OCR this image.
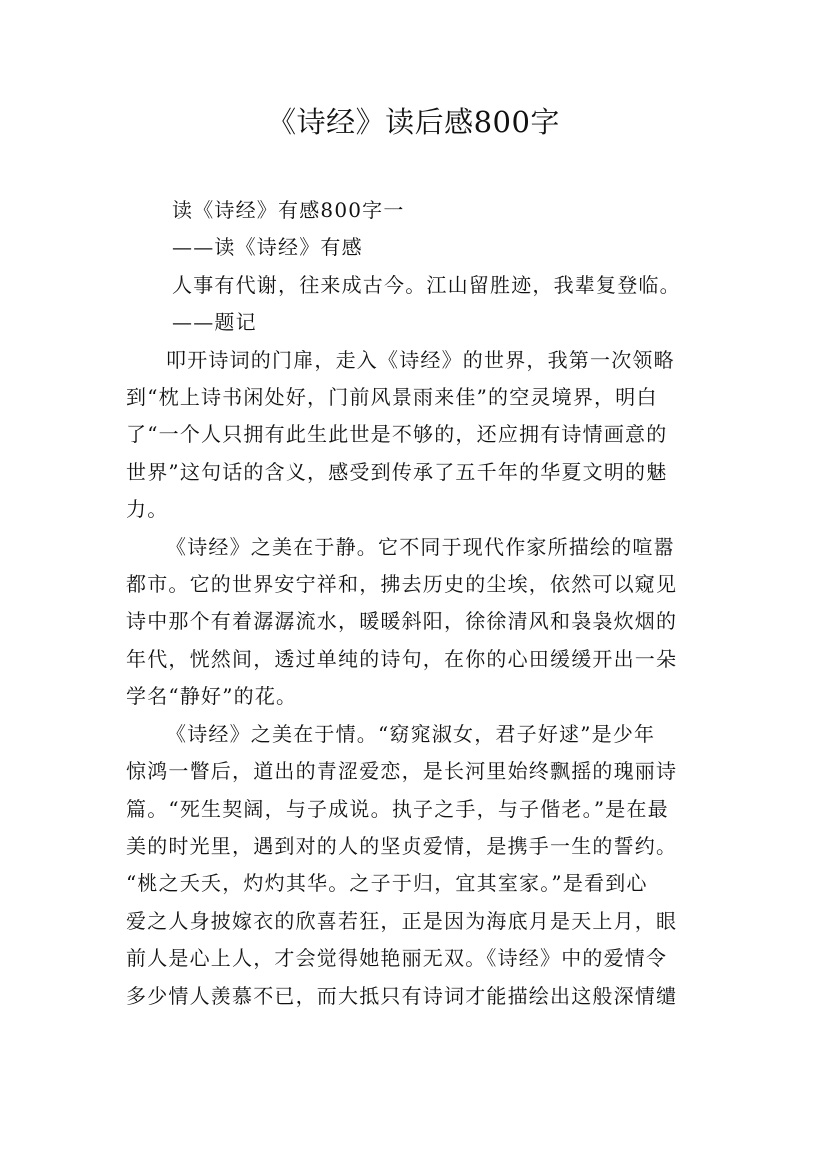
《诗经》读后感800字
读《诗经》有感800字一
——读《诗经》有感
人事有代谢，往来成古今。江山留胜迹，我辈复登临。
——题记
叩开诗词的门扉，走入《诗经》的世界，我第一次领略
到“枕上诗书闲处好，门前风景雨来佳”的空灵境界，明白
了“一个人只拥有此生此世是不够的，还应拥有诗情画意的
世界”这句话的含义，感受到传承了五千年的华夏文明的魅
力。
《诗经》之美在于静。它不同于现代作家所描绘的喧嚣
都市。它的世界安宁祥和，拂去历史的尘埃，依然可以窥见
诗中那个有着潺潺流水，暖暖斜阳，徐徐清风和袅袅炊烟的
年代，恍然间，透过单纯的诗句，在你的心田缓缓开出一朵
学名“静好”的花。
《诗经》之美在于情。“窈窕淑女，君子好逑”是少年
惊鸿一瞥后，道出的青涩爱恋，是长河里始终飘摇的瑰丽诗
篇。“死生契阔，与子成说。执子之手，与子偕老。”是在最
美的时光里，遇到对的人的坚贞爱情，是携手一生的誓约。
“桃之夭夭，灼灼其华。之子于归，宜其室家。”是看到心
爱之人身披嫁衣的欣喜若狂，正是因为海底月是天上月，眼
前人是心上人，才会觉得她艳丽无双。《诗经》中的爱情令
多少情人羡慕不已，而大抵只有诗词才能描绘出这般深情缱
